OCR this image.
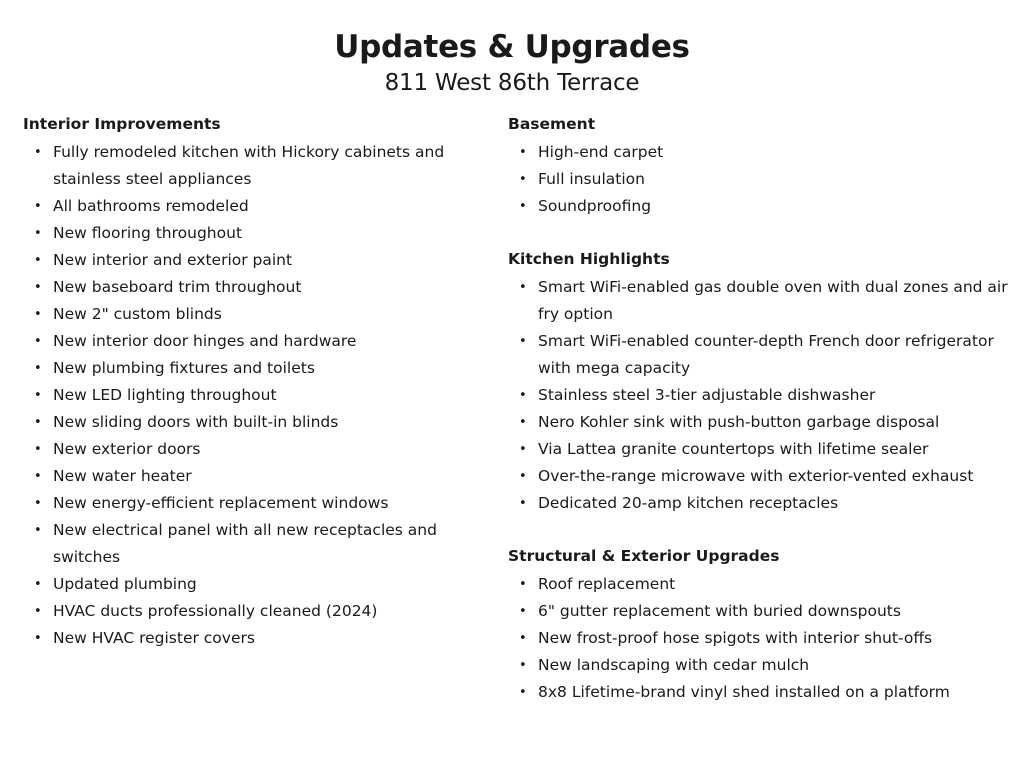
Updates & Upgrades

811 West 86th Terrace

Interior Improvements
• Fully remodeled kitchen with Hickory cabinets and stainless steel appliances
• All bathrooms remodeled
• New flooring throughout
• New interior and exterior paint
• New baseboard trim throughout
• New 2" custom blinds
• New interior door hinges and hardware
• New plumbing fixtures and toilets
• New LED lighting throughout
• New sliding doors with built-in blinds
• New exterior doors
• New water heater
• New energy-efficient replacement windows
• New electrical panel with all new receptacles and switches
• Updated plumbing
• HVAC ducts professionally cleaned (2024)
• New HVAC register covers
Basement
• High-end carpet
• Full insulation
• Soundproofing
Kitchen Highlights
• Smart WiFi-enabled gas double oven with dual zones and air fry option
• Smart WiFi-enabled counter-depth French door refrigerator with mega capacity
• Stainless steel 3-tier adjustable dishwasher
• Nero Kohler sink with push-button garbage disposal
• Via Lattea granite countertops with lifetime sealer
• Over-the-range microwave with exterior-vented exhaust
• Dedicated 20-amp kitchen receptacles
Structural & Exterior Upgrades
• Roof replacement
• 6" gutter replacement with buried downspouts
• New frost-proof hose spigots with interior shut-offs
• New landscaping with cedar mulch
• 8x8 Lifetime-brand vinyl shed installed on a platform
